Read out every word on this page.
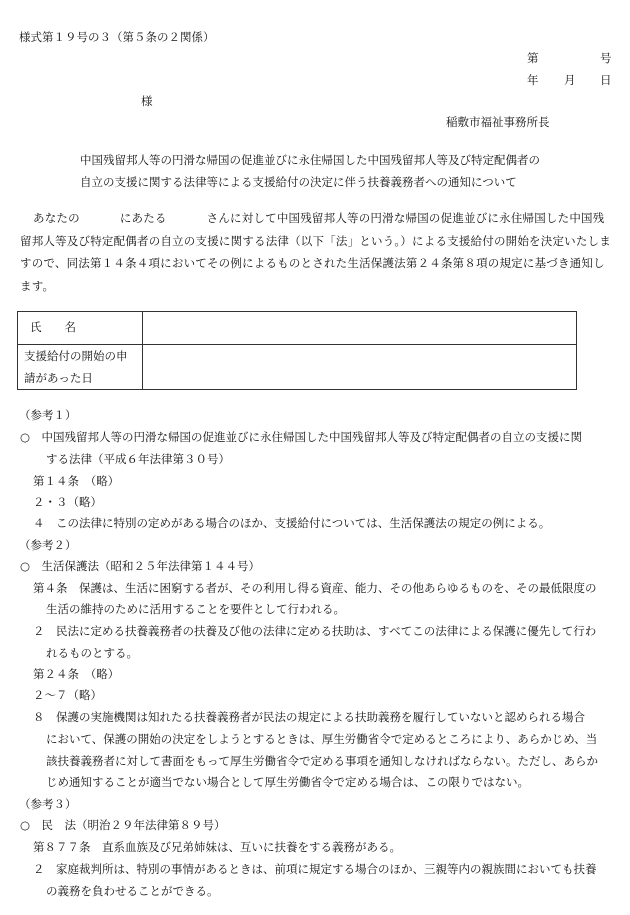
様式第１９号の３（第５条の２関係）
第	号
年 月 日
様
稲敷市福祉事務所長
中国残留邦人等の円滑な帰国の促進並びに永住帰国した中国残留邦人等及び特定配偶者の
自立の支援に関する法律等による支援給付の決定に伴う扶養義務者への通知について
あなたの	にあたる	さんに対して中国残留邦人等の円滑な帰国の促進並びに永住帰国した中国残留邦人等及び特定配偶者の自立の支援に関する法律（以下「法」という。）による支援給付の開始を決定いたしますので、同法第１４条４項においてその例によるものとされた生活保護法第２４条第８項の規定に基づき通知します。
氏　　名	

支援給付の開始の申
請があった日	

（参考１）
○　中国残留邦人等の円滑な帰国の促進並びに永住帰国した中国残留邦人等及び特定配偶者の自立の支援に関
する法律（平成６年法律第３０号）
第１４条　（略）
２・３（略）
４　この法律に特別の定めがある場合のほか、支援給付については、生活保護法の規定の例による。
（参考２）
○　生活保護法（昭和２５年法律第１４４号）
第４条　保護は、生活に困窮する者が、その利用し得る資産、能力、その他あらゆるものを、その最低限度の
生活の維持のために活用することを要件として行われる。
２　民法に定める扶養義務者の扶養及び他の法律に定める扶助は、すべてこの法律による保護に優先して行わ
れるものとする。
第２４条　（略）
２～７（略）
８　保護の実施機関は知れたる扶養義務者が民法の規定による扶助義務を履行していないと認められる場合
において、保護の開始の決定をしようとするときは、厚生労働省令で定めるところにより、あらかじめ、当
該扶養義務者に対して書面をもって厚生労働省令で定める事項を通知しなければならない。ただし、あらか
じめ通知することが適当でない場合として厚生労働省令で定める場合は、この限りではない。
（参考３）
○　民　法（明治２９年法律第８９号）
第８７７条　直系血族及び兄弟姉妹は、互いに扶養をする義務がある。
２　家庭裁判所は、特別の事情があるときは、前項に規定する場合のほか、三親等内の親族間においても扶養
の義務を負わせることができる。
